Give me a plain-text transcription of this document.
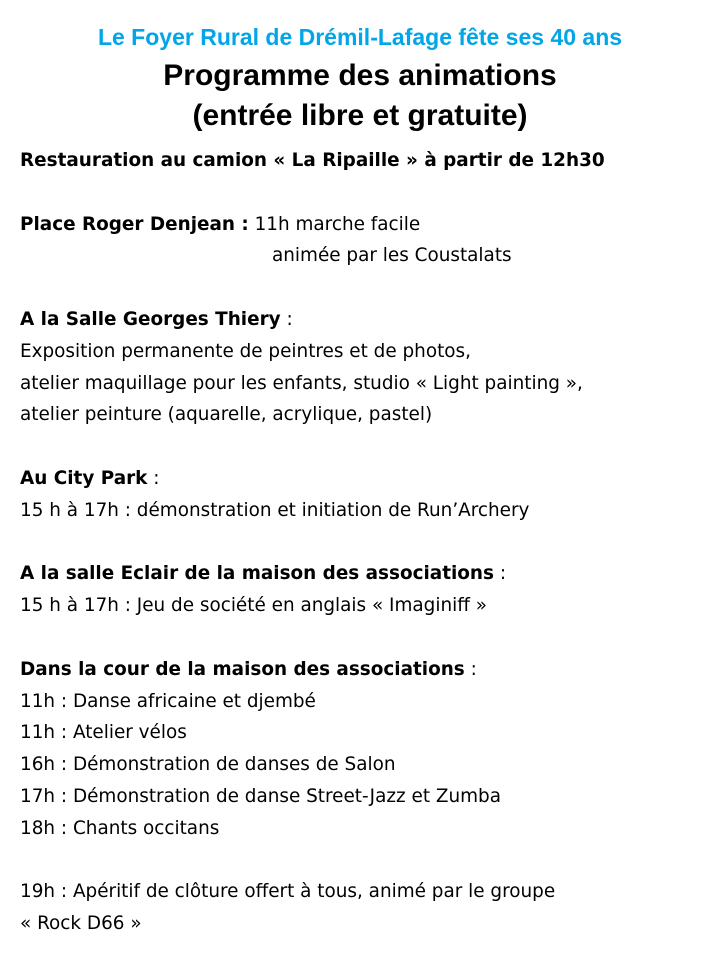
Le Foyer Rural de Drémil-Lafage fête ses 40 ans
Programme des animations
(entrée libre et gratuite)
Restauration au camion « La Ripaille » à partir de 12h30
Place Roger Denjean : 11h marche facile
animée par les Coustalats
A la Salle Georges Thiery :
Exposition permanente de peintres et de photos,
atelier maquillage pour les enfants, studio « Light painting »,
atelier peinture (aquarelle, acrylique, pastel)
Au City Park :
15 h à 17h : démonstration et initiation de Run’Archery
A la salle Eclair de la maison des associations :
15 h à 17h : Jeu de société en anglais « Imaginiff »
Dans la cour de la maison des associations :
11h : Danse africaine et djembé
11h : Atelier vélos
16h : Démonstration de danses de Salon
17h : Démonstration de danse Street-Jazz et Zumba
18h : Chants occitans
19h : Apéritif de clôture offert à tous, animé par le groupe
« Rock D66 »
